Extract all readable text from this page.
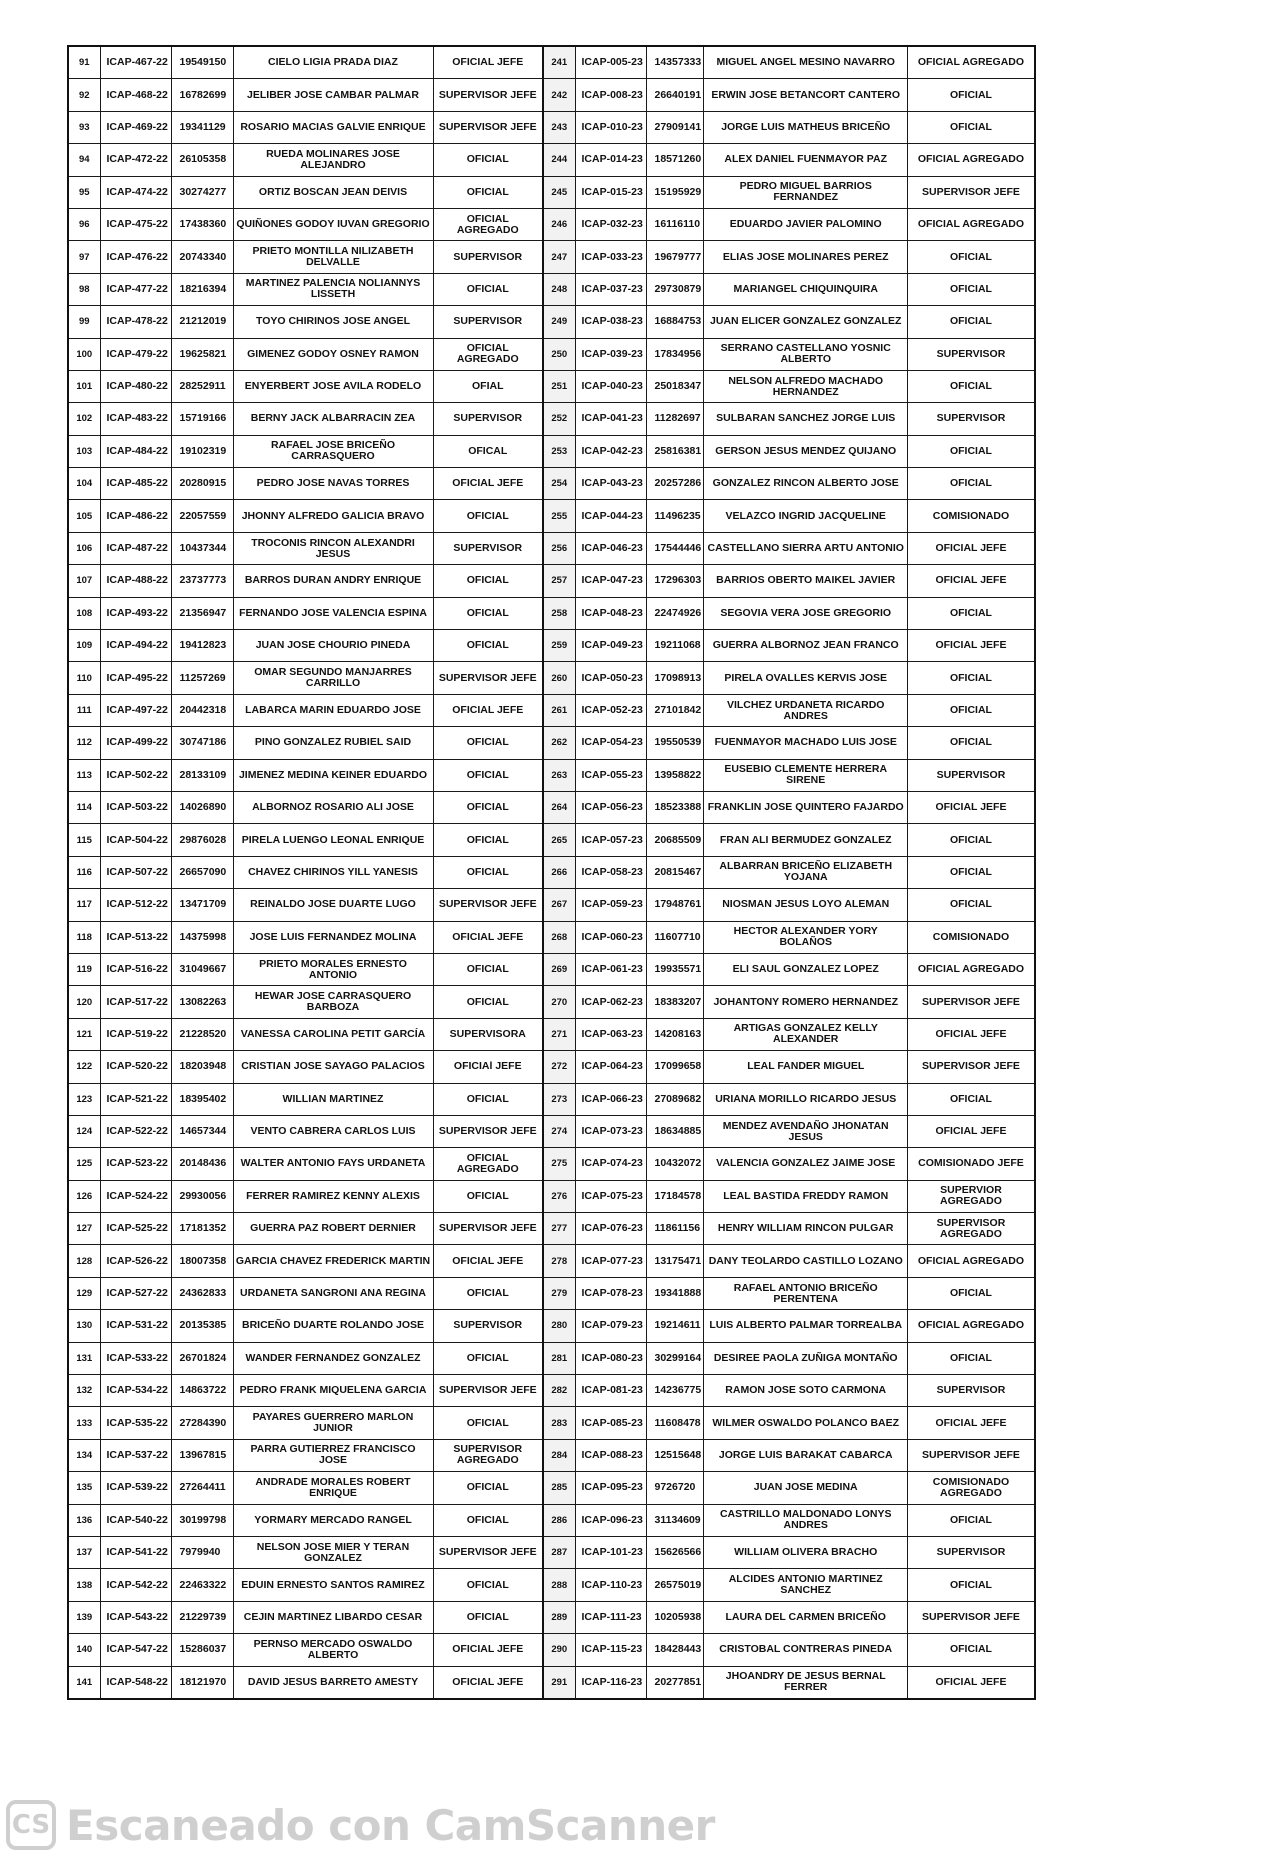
91	ICAP-467-22	19549150	CIELO LIGIA PRADA DIAZ	OFICIAL JEFE	241	ICAP-005-23	14357333	MIGUEL ANGEL MESINO NAVARRO	OFICIAL AGREGADO
92	ICAP-468-22	16782699	JELIBER JOSE CAMBAR PALMAR	SUPERVISOR JEFE	242	ICAP-008-23	26640191	ERWIN JOSE BETANCORT CANTERO	OFICIAL
93	ICAP-469-22	19341129	ROSARIO MACIAS GALVIE ENRIQUE	SUPERVISOR JEFE	243	ICAP-010-23	27909141	JORGE LUIS MATHEUS BRICEÑO	OFICIAL
94	ICAP-472-22	26105358	RUEDA MOLINARES JOSE ALEJANDRO	OFICIAL	244	ICAP-014-23	18571260	ALEX DANIEL FUENMAYOR PAZ	OFICIAL AGREGADO
95	ICAP-474-22	30274277	ORTIZ BOSCAN JEAN DEIVIS	OFICIAL	245	ICAP-015-23	15195929	PEDRO MIGUEL BARRIOS FERNANDEZ	SUPERVISOR JEFE
96	ICAP-475-22	17438360	QUIÑONES GODOY IUVAN GREGORIO	OFICIAL AGREGADO	246	ICAP-032-23	16116110	EDUARDO JAVIER PALOMINO	OFICIAL AGREGADO
97	ICAP-476-22	20743340	PRIETO MONTILLA NILIZABETH DELVALLE	SUPERVISOR	247	ICAP-033-23	19679777	ELIAS JOSE MOLINARES PEREZ	OFICIAL
98	ICAP-477-22	18216394	MARTINEZ PALENCIA NOLIANNYS LISSETH	OFICIAL	248	ICAP-037-23	29730879	MARIANGEL CHIQUINQUIRA	OFICIAL
99	ICAP-478-22	21212019	TOYO CHIRINOS JOSE ANGEL	SUPERVISOR	249	ICAP-038-23	16884753	JUAN ELICER GONZALEZ GONZALEZ	OFICIAL
100	ICAP-479-22	19625821	GIMENEZ GODOY OSNEY RAMON	OFICIAL AGREGADO	250	ICAP-039-23	17834956	SERRANO CASTELLANO YOSNIC ALBERTO	SUPERVISOR
101	ICAP-480-22	28252911	ENYERBERT JOSE AVILA RODELO	OFIAL	251	ICAP-040-23	25018347	NELSON ALFREDO MACHADO HERNANDEZ	OFICIAL
102	ICAP-483-22	15719166	BERNY JACK ALBARRACIN ZEA	SUPERVISOR	252	ICAP-041-23	11282697	SULBARAN SANCHEZ JORGE LUIS	SUPERVISOR
103	ICAP-484-22	19102319	RAFAEL JOSE BRICEÑO CARRASQUERO	OFICAL	253	ICAP-042-23	25816381	GERSON JESUS MENDEZ QUIJANO	OFICIAL
104	ICAP-485-22	20280915	PEDRO JOSE NAVAS TORRES	OFICIAL JEFE	254	ICAP-043-23	20257286	GONZALEZ RINCON ALBERTO JOSE	OFICIAL
105	ICAP-486-22	22057559	JHONNY ALFREDO GALICIA BRAVO	OFICIAL	255	ICAP-044-23	11496235	VELAZCO INGRID JACQUELINE	COMISIONADO
106	ICAP-487-22	10437344	TROCONIS RINCON ALEXANDRI JESUS	SUPERVISOR	256	ICAP-046-23	17544446	CASTELLANO SIERRA ARTU ANTONIO	OFICIAL JEFE
107	ICAP-488-22	23737773	BARROS DURAN ANDRY ENRIQUE	OFICIAL	257	ICAP-047-23	17296303	BARRIOS OBERTO MAIKEL JAVIER	OFICIAL JEFE
108	ICAP-493-22	21356947	FERNANDO JOSE VALENCIA ESPINA	OFICIAL	258	ICAP-048-23	22474926	SEGOVIA VERA JOSE GREGORIO	OFICIAL
109	ICAP-494-22	19412823	JUAN JOSE CHOURIO PINEDA	OFICIAL	259	ICAP-049-23	19211068	GUERRA ALBORNOZ JEAN FRANCO	OFICIAL JEFE
110	ICAP-495-22	11257269	OMAR SEGUNDO MANJARRES CARRILLO	SUPERVISOR JEFE	260	ICAP-050-23	17098913	PIRELA OVALLES KERVIS JOSE	OFICIAL
111	ICAP-497-22	20442318	LABARCA MARIN EDUARDO JOSE	OFICIAL JEFE	261	ICAP-052-23	27101842	VILCHEZ URDANETA RICARDO ANDRES	OFICIAL
112	ICAP-499-22	30747186	PINO GONZALEZ RUBIEL SAID	OFICIAL	262	ICAP-054-23	19550539	FUENMAYOR MACHADO LUIS JOSE	OFICIAL
113	ICAP-502-22	28133109	JIMENEZ MEDINA KEINER EDUARDO	OFICIAL	263	ICAP-055-23	13958822	EUSEBIO CLEMENTE HERRERA SIRENE	SUPERVISOR
114	ICAP-503-22	14026890	ALBORNOZ ROSARIO ALI JOSE	OFICIAL	264	ICAP-056-23	18523388	FRANKLIN JOSE QUINTERO FAJARDO	OFICIAL JEFE
115	ICAP-504-22	29876028	PIRELA LUENGO LEONAL ENRIQUE	OFICIAL	265	ICAP-057-23	20685509	FRAN ALI BERMUDEZ GONZALEZ	OFICIAL
116	ICAP-507-22	26657090	CHAVEZ CHIRINOS YILL YANESIS	OFICIAL	266	ICAP-058-23	20815467	ALBARRAN BRICEÑO ELIZABETH YOJANA	OFICIAL
117	ICAP-512-22	13471709	REINALDO JOSE DUARTE LUGO	SUPERVISOR JEFE	267	ICAP-059-23	17948761	NIOSMAN JESUS LOYO ALEMAN	OFICIAL
118	ICAP-513-22	14375998	JOSE LUIS FERNANDEZ MOLINA	OFICIAL JEFE	268	ICAP-060-23	11607710	HECTOR ALEXANDER YORY BOLAÑOS	COMISIONADO
119	ICAP-516-22	31049667	PRIETO MORALES ERNESTO ANTONIO	OFICIAL	269	ICAP-061-23	19935571	ELI SAUL GONZALEZ LOPEZ	OFICIAL AGREGADO
120	ICAP-517-22	13082263	HEWAR JOSE CARRASQUERO BARBOZA	OFICIAL	270	ICAP-062-23	18383207	JOHANTONY ROMERO HERNANDEZ	SUPERVISOR JEFE
121	ICAP-519-22	21228520	VANESSA CAROLINA PETIT GARCÍA	SUPERVISORA	271	ICAP-063-23	14208163	ARTIGAS GONZALEZ KELLY ALEXANDER	OFICIAL JEFE
122	ICAP-520-22	18203948	CRISTIAN JOSE SAYAGO PALACIOS	OFICIAl JEFE	272	ICAP-064-23	17099658	LEAL FANDER MIGUEL	SUPERVISOR JEFE
123	ICAP-521-22	18395402	WILLIAN MARTINEZ	OFICIAL	273	ICAP-066-23	27089682	URIANA MORILLO RICARDO JESUS	OFICIAL
124	ICAP-522-22	14657344	VENTO CABRERA CARLOS LUIS	SUPERVISOR JEFE	274	ICAP-073-23	18634885	MENDEZ AVENDAÑO JHONATAN JESUS	OFICIAL JEFE
125	ICAP-523-22	20148436	WALTER ANTONIO FAYS URDANETA	OFICIAL AGREGADO	275	ICAP-074-23	10432072	VALENCIA GONZALEZ JAIME JOSE	COMISIONADO JEFE
126	ICAP-524-22	29930056	FERRER RAMIREZ KENNY ALEXIS	OFICIAL	276	ICAP-075-23	17184578	LEAL BASTIDA FREDDY RAMON	SUPERVIOR AGREGADO
127	ICAP-525-22	17181352	GUERRA PAZ ROBERT DERNIER	SUPERVISOR JEFE	277	ICAP-076-23	11861156	HENRY WILLIAM RINCON PULGAR	SUPERVISOR AGREGADO
128	ICAP-526-22	18007358	GARCIA CHAVEZ FREDERICK MARTIN	OFICIAL JEFE	278	ICAP-077-23	13175471	DANY TEOLARDO CASTILLO LOZANO	OFICIAL AGREGADO
129	ICAP-527-22	24362833	URDANETA SANGRONI ANA REGINA	OFICIAL	279	ICAP-078-23	19341888	RAFAEL ANTONIO BRICEÑO PERENTENA	OFICIAL
130	ICAP-531-22	20135385	BRICEÑO DUARTE ROLANDO JOSE	SUPERVISOR	280	ICAP-079-23	19214611	LUIS ALBERTO PALMAR TORREALBA	OFICIAL AGREGADO
131	ICAP-533-22	26701824	WANDER FERNANDEZ GONZALEZ	OFICIAL	281	ICAP-080-23	30299164	DESIREE PAOLA ZUÑIGA MONTAÑO	OFICIAL
132	ICAP-534-22	14863722	PEDRO FRANK MIQUELENA GARCIA	SUPERVISOR JEFE	282	ICAP-081-23	14236775	RAMON JOSE SOTO CARMONA	SUPERVISOR
133	ICAP-535-22	27284390	PAYARES GUERRERO MARLON JUNIOR	OFICIAL	283	ICAP-085-23	11608478	WILMER OSWALDO POLANCO BAEZ	OFICIAL JEFE
134	ICAP-537-22	13967815	PARRA GUTIERREZ FRANCISCO JOSE	SUPERVISOR AGREGADO	284	ICAP-088-23	12515648	JORGE LUIS BARAKAT CABARCA	SUPERVISOR JEFE
135	ICAP-539-22	27264411	ANDRADE MORALES ROBERT ENRIQUE	OFICIAL	285	ICAP-095-23	9726720	JUAN JOSE MEDINA	COMISIONADO AGREGADO
136	ICAP-540-22	30199798	YORMARY MERCADO RANGEL	OFICIAL	286	ICAP-096-23	31134609	CASTRILLO MALDONADO LONYS ANDRES	OFICIAL
137	ICAP-541-22	7979940	NELSON JOSE MIER Y TERAN GONZALEZ	SUPERVISOR JEFE	287	ICAP-101-23	15626566	WILLIAM OLIVERA BRACHO	SUPERVISOR
138	ICAP-542-22	22463322	EDUIN ERNESTO SANTOS RAMIREZ	OFICIAL	288	ICAP-110-23	26575019	ALCIDES ANTONIO MARTINEZ SANCHEZ	OFICIAL
139	ICAP-543-22	21229739	CEJIN MARTINEZ LIBARDO CESAR	OFICIAL	289	ICAP-111-23	10205938	LAURA DEL CARMEN BRICEÑO	SUPERVISOR JEFE
140	ICAP-547-22	15286037	PERNSO MERCADO OSWALDO ALBERTO	OFICIAL JEFE	290	ICAP-115-23	18428443	CRISTOBAL CONTRERAS PINEDA	OFICIAL
141	ICAP-548-22	18121970	DAVID JESUS BARRETO AMESTY	OFICIAL JEFE	291	ICAP-116-23	20277851	JHOANDRY DE JESUS BERNAL FERRER	OFICIAL JEFE
CS Escaneado con CamScanner
